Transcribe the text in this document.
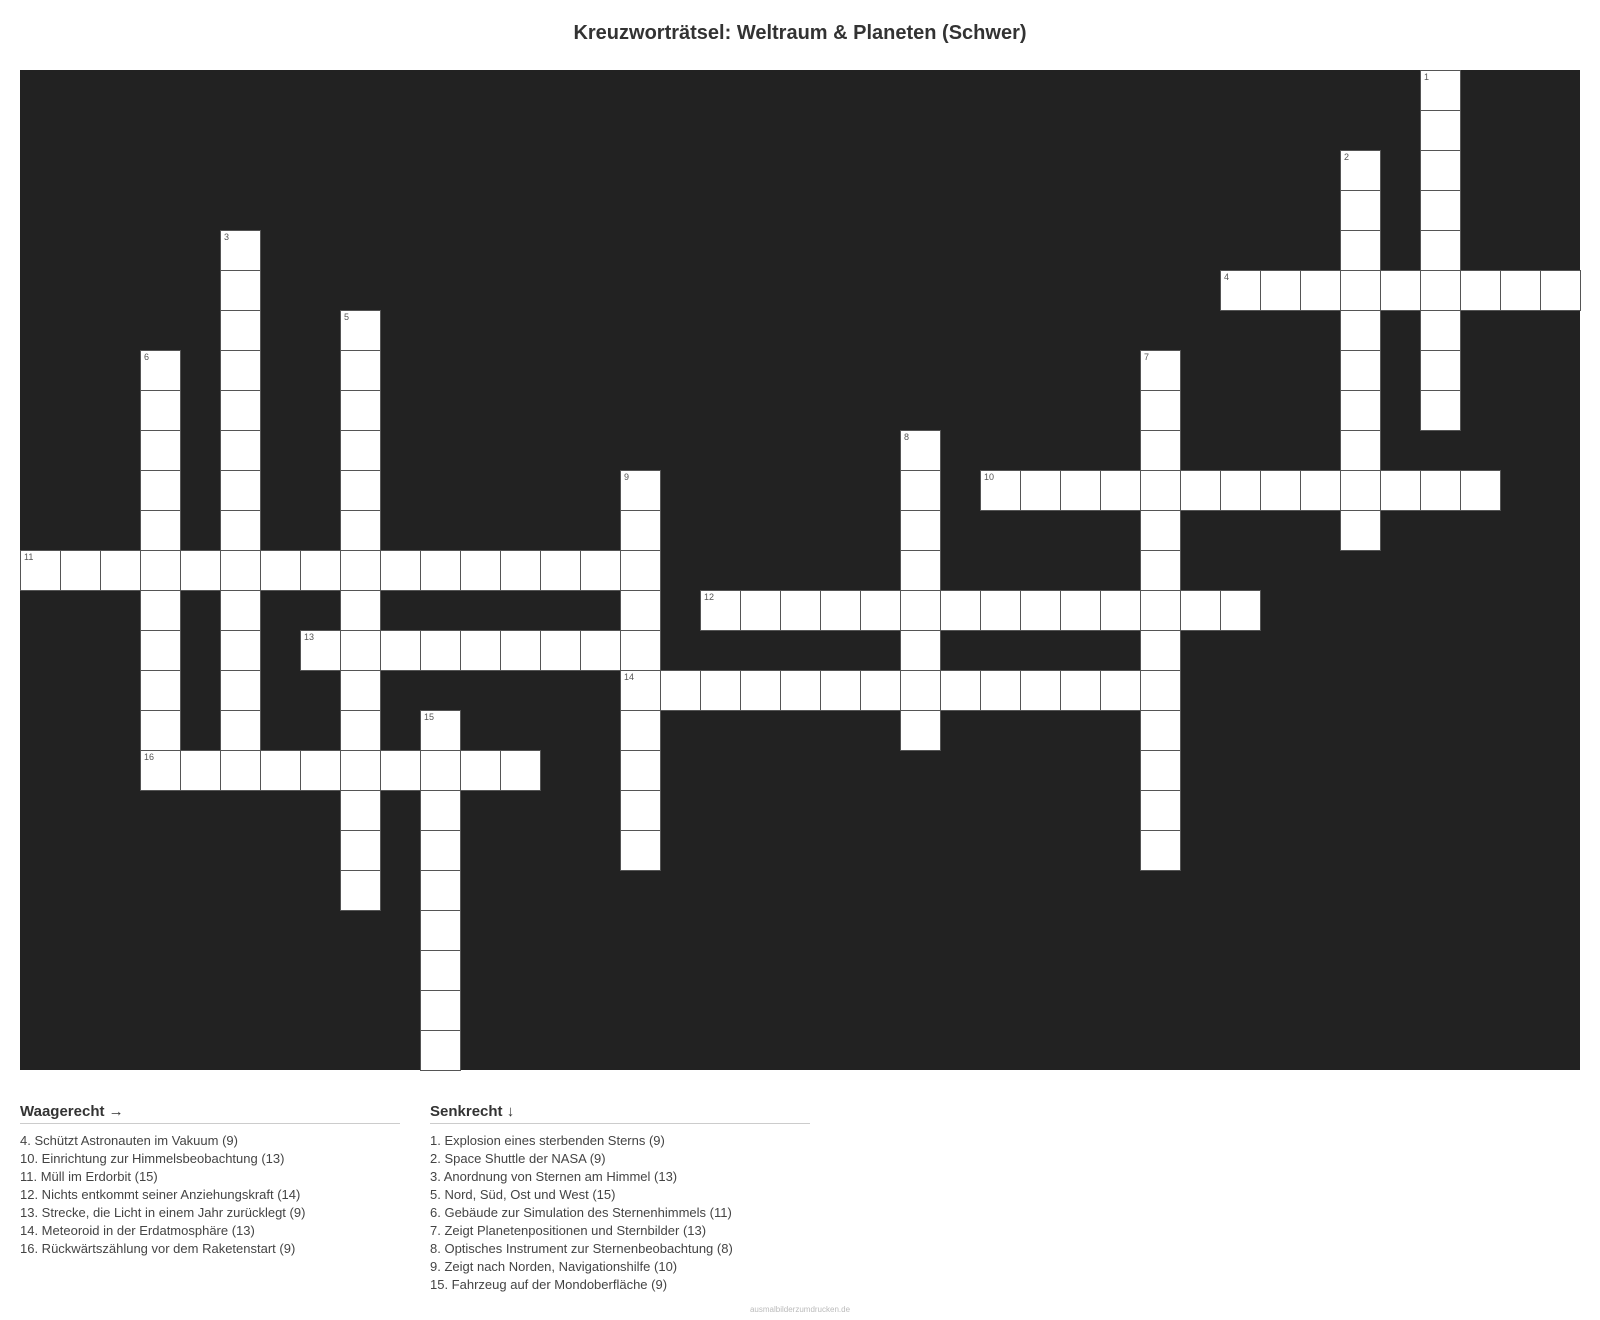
Kreuzworträtsel: Weltraum & Planeten (Schwer)
1
2
3
4
5
6
16
7
8
9
14
10
11
12
13
15
Waagerecht →
4. Schützt Astronauten im Vakuum (9)
10. Einrichtung zur Himmelsbeobachtung (13)
11. Müll im Erdorbit (15)
12. Nichts entkommt seiner Anziehungskraft (14)
13. Strecke, die Licht in einem Jahr zurücklegt (9)
14. Meteoroid in der Erdatmosphäre (13)
16. Rückwärtszählung vor dem Raketenstart (9)
Senkrecht ↓
1. Explosion eines sterbenden Sterns (9)
2. Space Shuttle der NASA (9)
3. Anordnung von Sternen am Himmel (13)
5. Nord, Süd, Ost und West (15)
6. Gebäude zur Simulation des Sternenhimmels (11)
7. Zeigt Planetenpositionen und Sternbilder (13)
8. Optisches Instrument zur Sternenbeobachtung (8)
9. Zeigt nach Norden, Navigationshilfe (10)
15. Fahrzeug auf der Mondoberfläche (9)
ausmalbilderzumdrucken.de
